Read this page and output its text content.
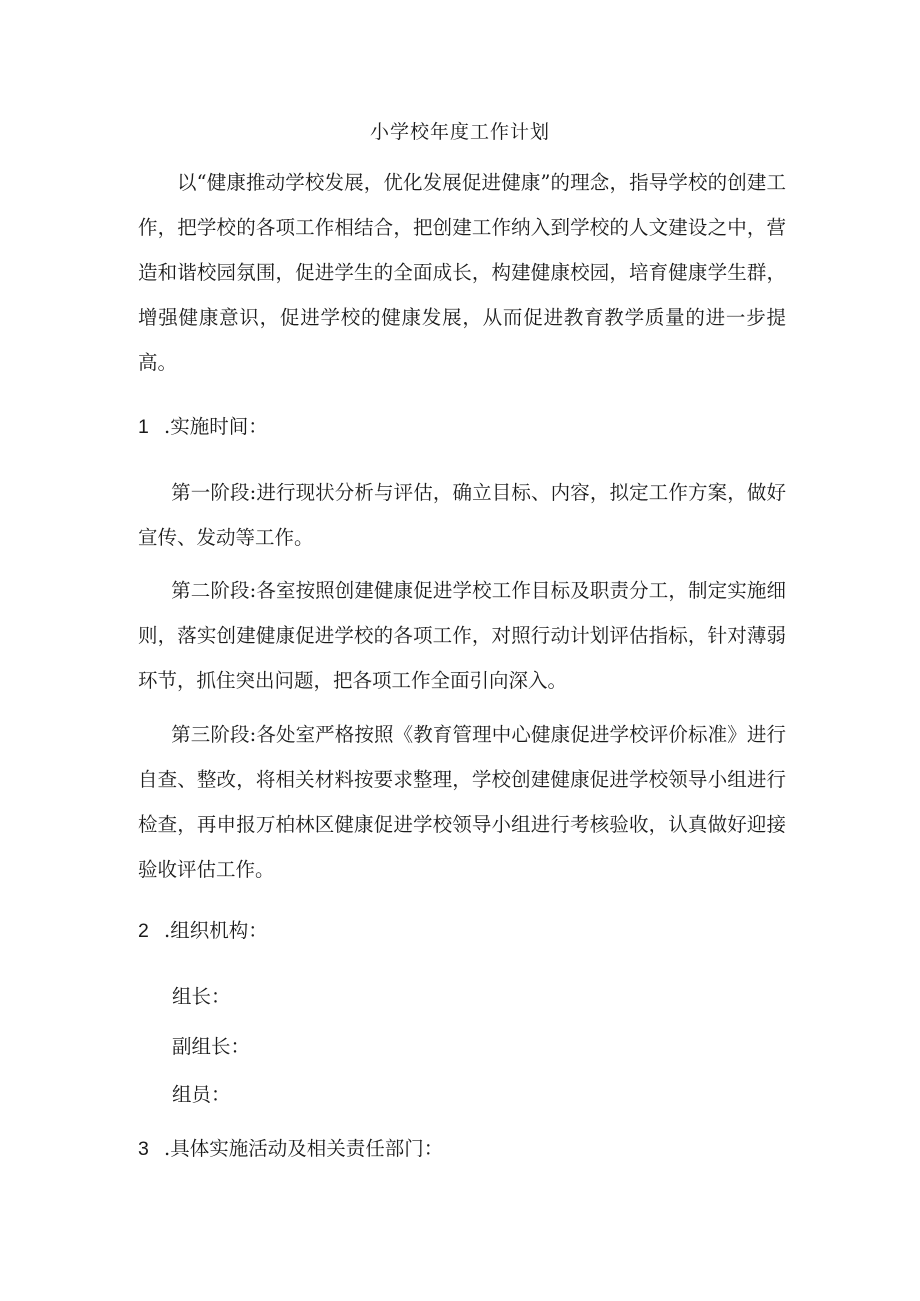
小学校年度工作计划

以“健康推动学校发展，优化发展促进健康”的理念，指导学校的创建工作，把学校的各项工作相结合，把创建工作纳入到学校的人文建设之中，营造和谐校园氛围，促进学生的全面成长，构建健康校园，培育健康学生群，增强健康意识，促进学校的健康发展，从而促进教育教学质量的进一步提高。

1 .实施时间：

第一阶段:进行现状分析与评估，确立目标、内容，拟定工作方案，做好宣传、发动等工作。

第二阶段:各室按照创建健康促进学校工作目标及职责分工，制定实施细则，落实创建健康促进学校的各项工作，对照行动计划评估指标，针对薄弱环节，抓住突出问题，把各项工作全面引向深入。

第三阶段:各处室严格按照《教育管理中心健康促进学校评价标准》进行自查、整改，将相关材料按要求整理，学校创建健康促进学校领导小组进行检查，再申报万柏林区健康促进学校领导小组进行考核验收，认真做好迎接验收评估工作。

2 .组织机构：

组长：

副组长：

组员：

3 .具体实施活动及相关责任部门：
